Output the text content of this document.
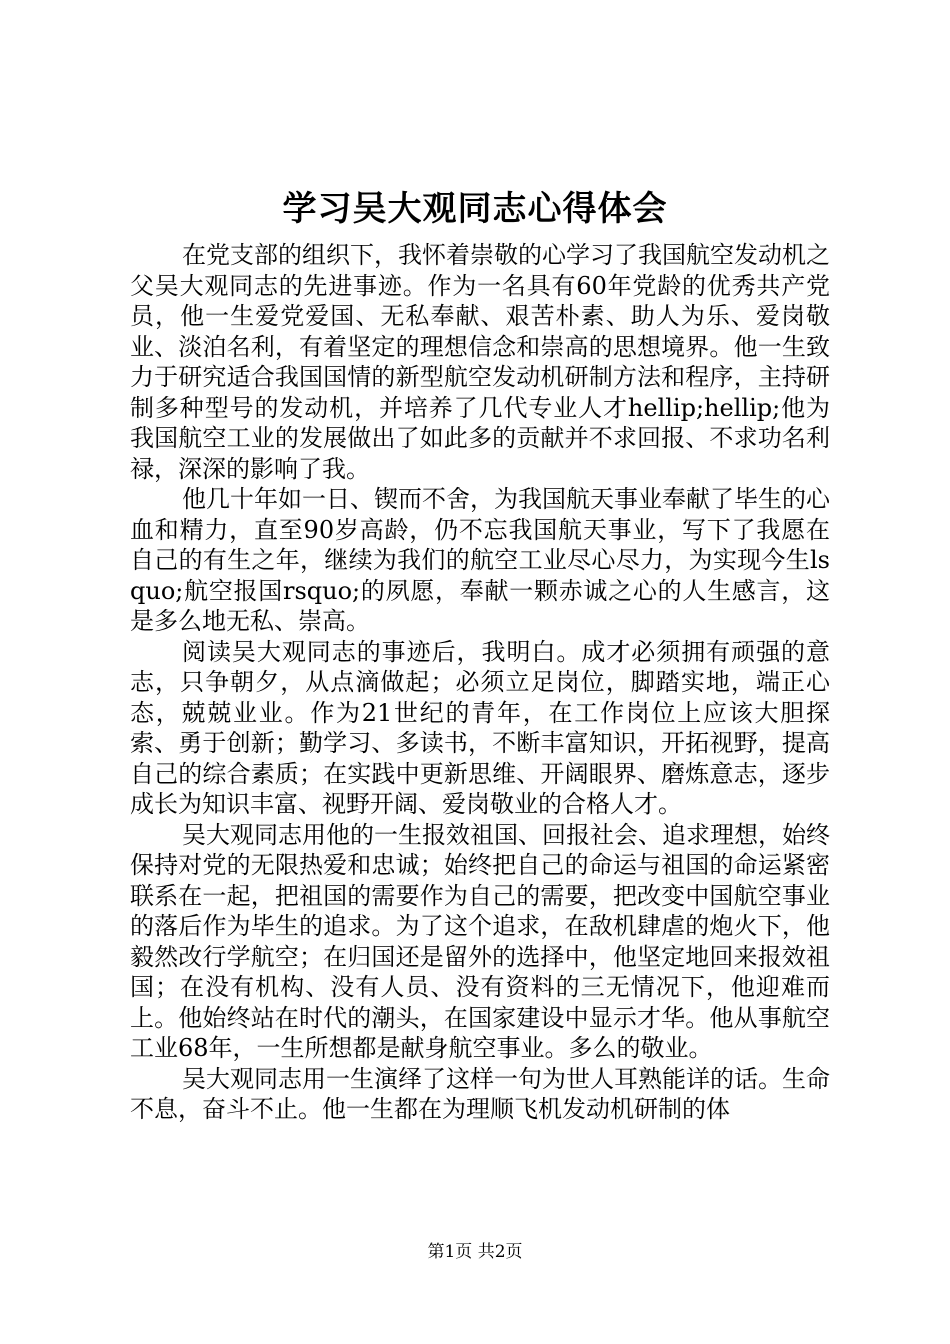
学习吴大观同志心得体会

在党支部的组织下，我怀着崇敬的心学习了我国航空发动机之父吴大观同志的先进事迹。作为一名具有60年党龄的优秀共产党员，他一生爱党爱国、无私奉献、艰苦朴素、助人为乐、爱岗敬业、淡泊名利，有着坚定的理想信念和崇高的思想境界。他一生致力于研究适合我国国情的新型航空发动机研制方法和程序，主持研制多种型号的发动机，并培养了几代专业人才hellip;hellip;他为我国航空工业的发展做出了如此多的贡献并不求回报、不求功名利禄，深深的影响了我。

他几十年如一日、锲而不舍，为我国航天事业奉献了毕生的心血和精力，直至90岁高龄，仍不忘我国航天事业，写下了我愿在自己的有生之年，继续为我们的航空工业尽心尽力，为实现今生lsquo;航空报国rsquo;的夙愿，奉献一颗赤诚之心的人生感言，这是多么地无私、崇高。

阅读吴大观同志的事迹后，我明白。成才必须拥有顽强的意志，只争朝夕，从点滴做起；必须立足岗位，脚踏实地，端正心态，兢兢业业。作为21世纪的青年，在工作岗位上应该大胆探索、勇于创新；勤学习、多读书，不断丰富知识，开拓视野，提高自己的综合素质；在实践中更新思维、开阔眼界、磨炼意志，逐步成长为知识丰富、视野开阔、爱岗敬业的合格人才。

吴大观同志用他的一生报效祖国、回报社会、追求理想，始终保持对党的无限热爱和忠诚；始终把自己的命运与祖国的命运紧密联系在一起，把祖国的需要作为自己的需要，把改变中国航空事业的落后作为毕生的追求。为了这个追求，在敌机肆虐的炮火下，他毅然改行学航空；在归国还是留外的选择中，他坚定地回来报效祖国；在没有机构、没有人员、没有资料的三无情况下，他迎难而上。他始终站在时代的潮头，在国家建设中显示才华。他从事航空工业68年，一生所想都是献身航空事业。多么的敬业。

吴大观同志用一生演绎了这样一句为世人耳熟能详的话。生命不息，奋斗不止。他一生都在为理顺飞机发动机研制的体

第1页 共2页
